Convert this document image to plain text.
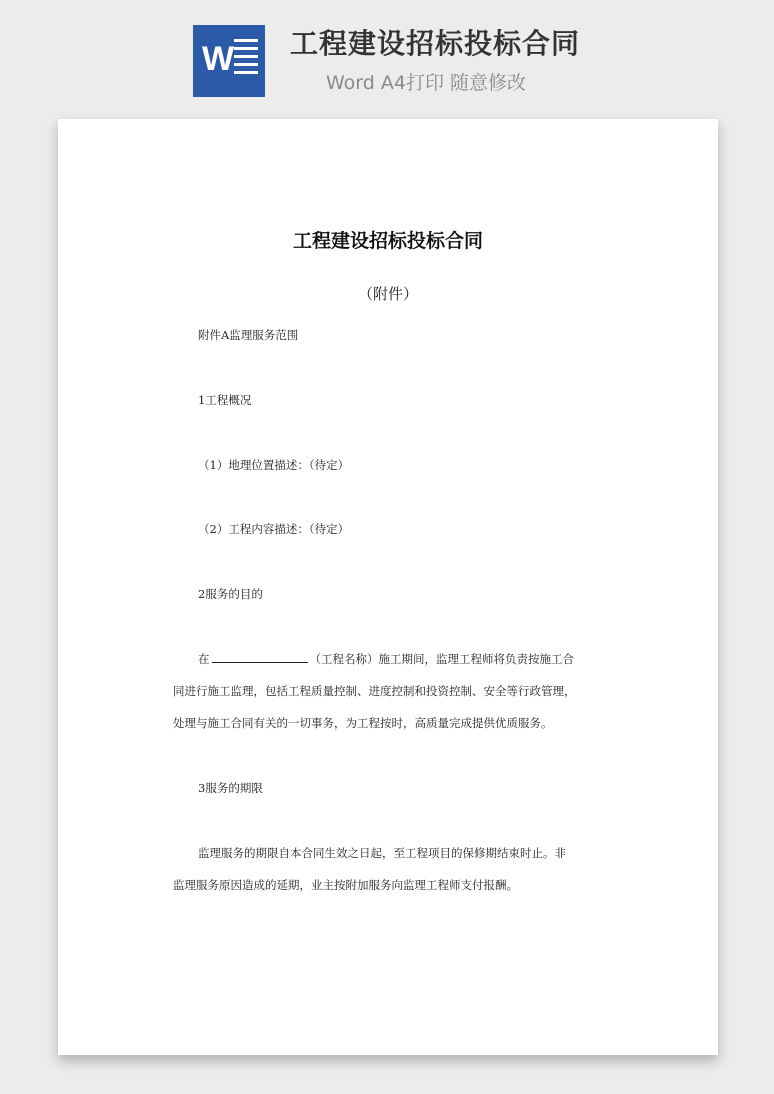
W 工程建设招标投标合同
Word A4打印 随意修改
工程建设招标投标合同
（附件）
附件A监理服务范围
1工程概况
（1）地理位置描述：（待定）
（2）工程内容描述：（待定）
2服务的目的
在	（工程名称）施工期间，监理工程师将负责按施工合
同进行施工监理，包括工程质量控制、进度控制和投资控制、安全等行政管理，
处理与施工合同有关的一切事务，为工程按时，高质量完成提供优质服务。
3服务的期限
监理服务的期限自本合同生效之日起，至工程项目的保修期结束时止。非
监理服务原因造成的延期，业主按附加服务向监理工程师支付报酬。
